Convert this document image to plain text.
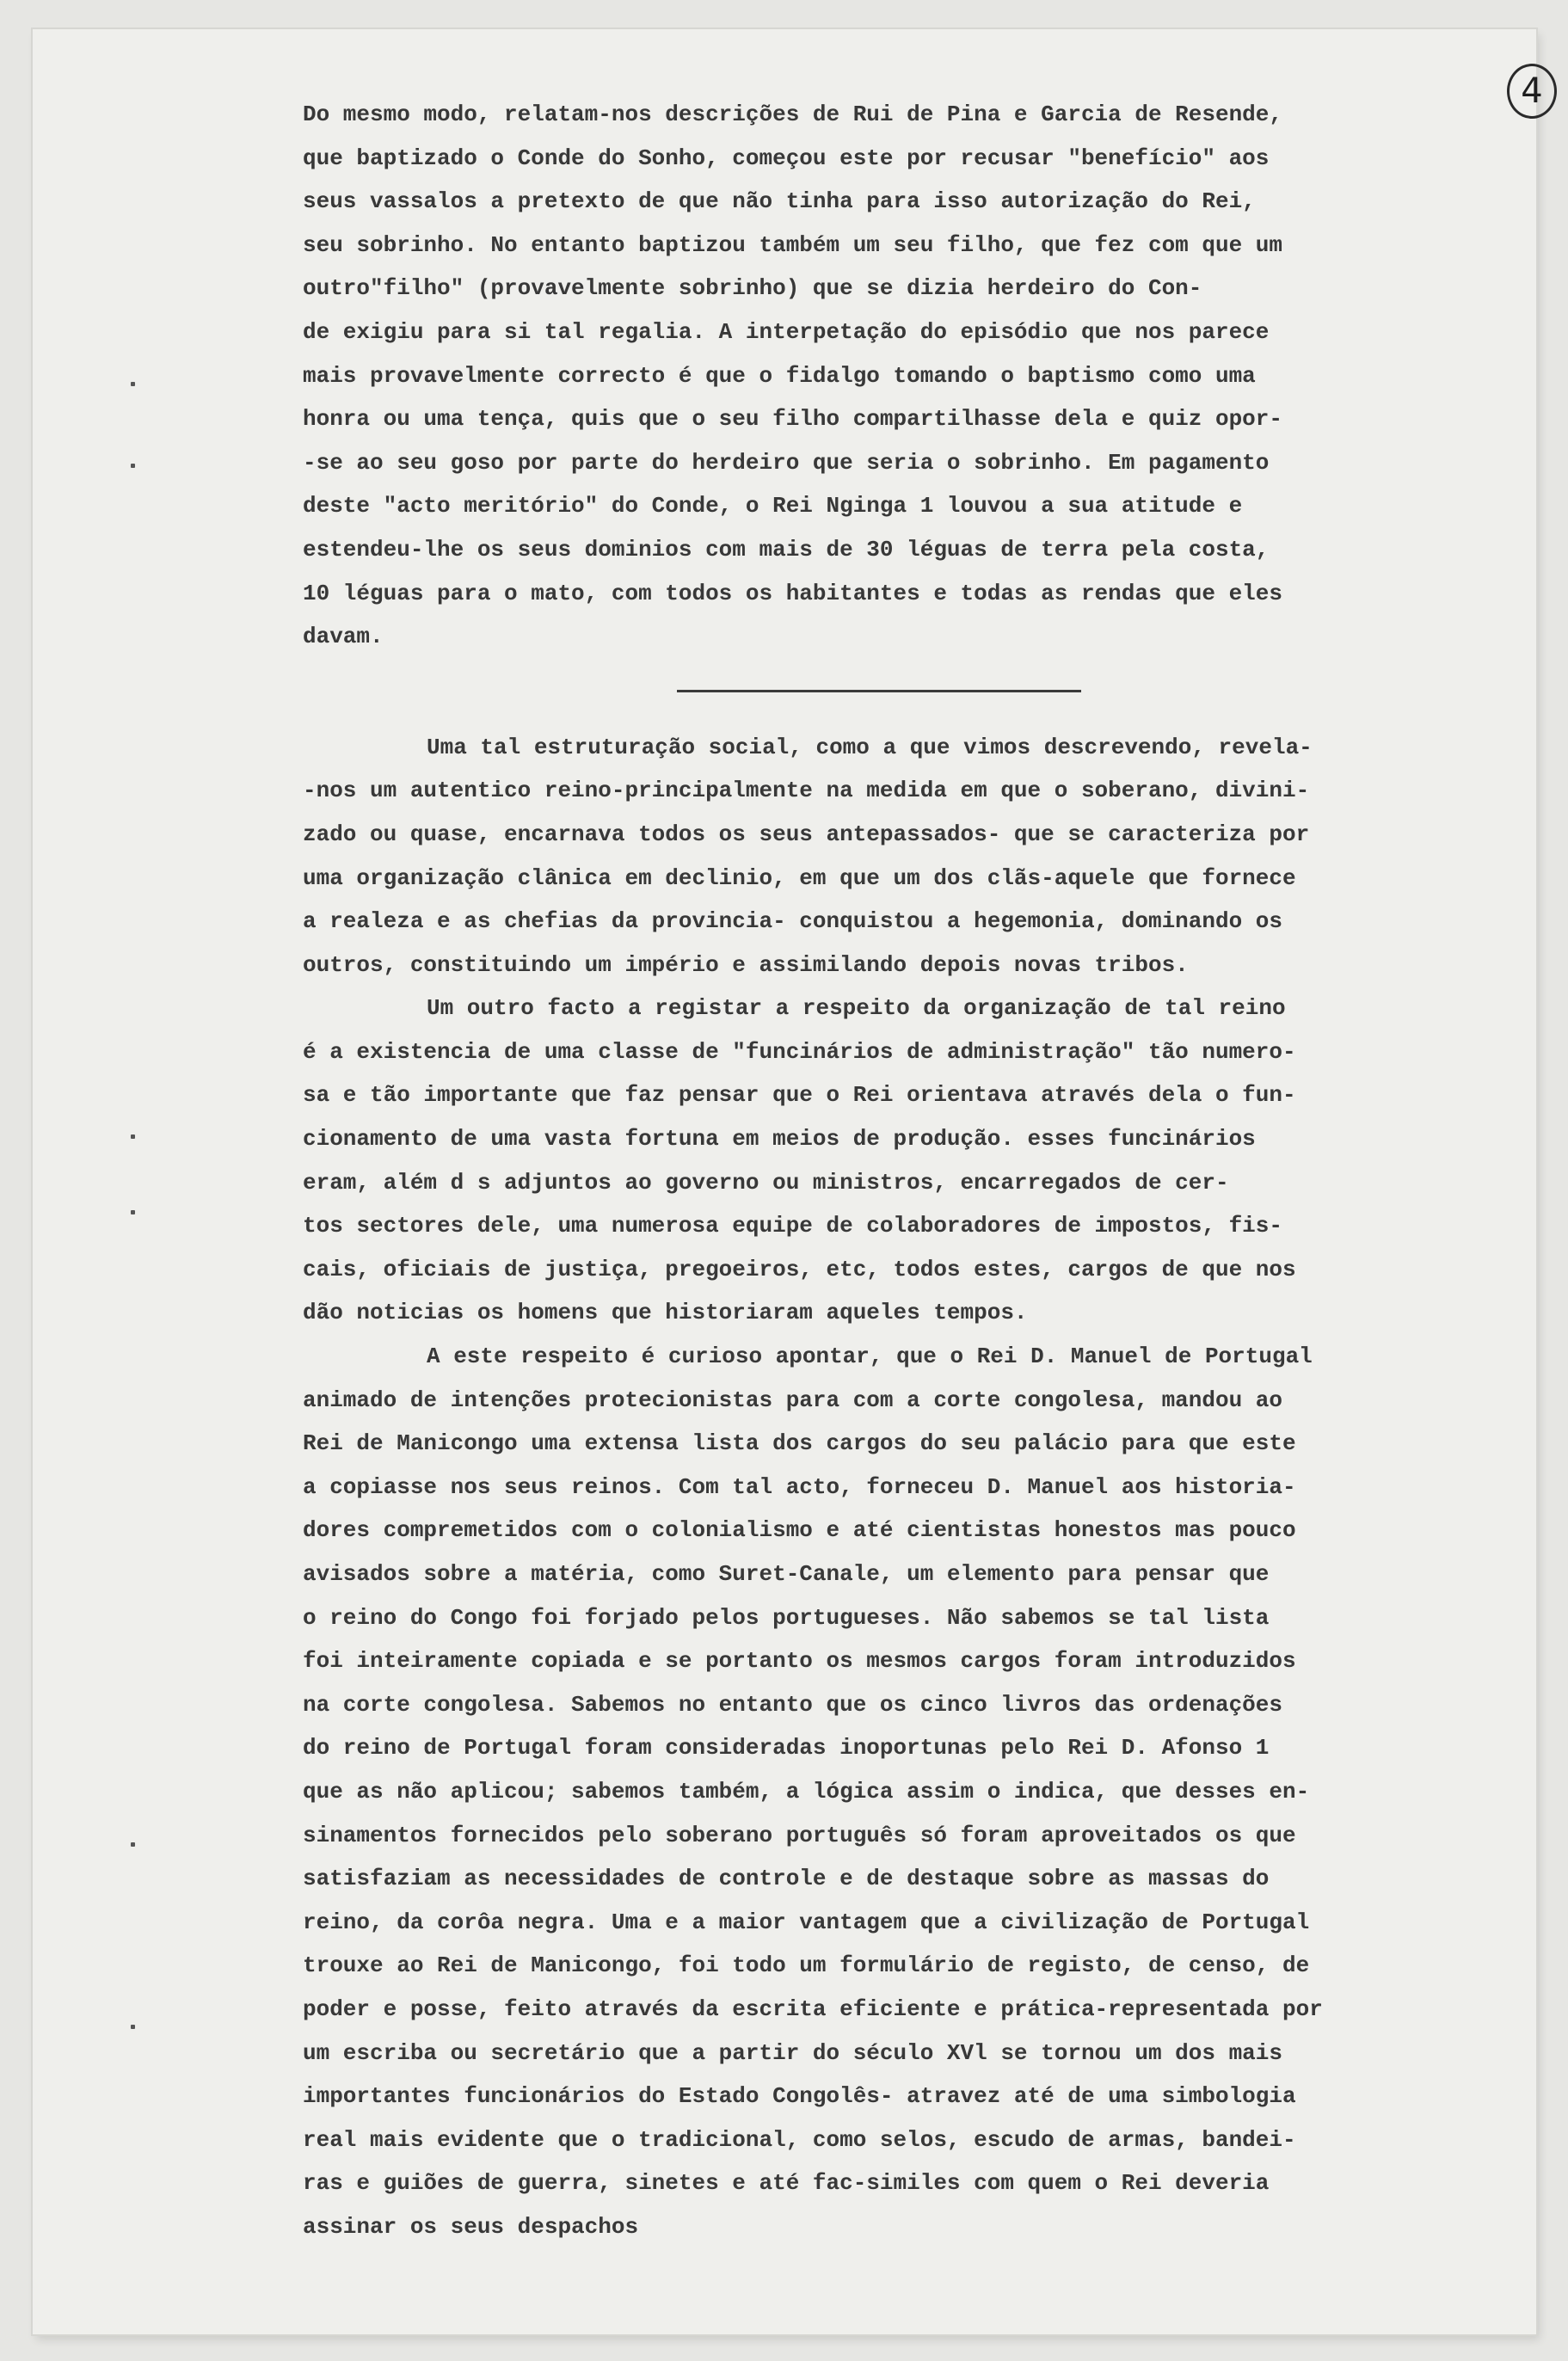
4
Do mesmo modo, relatam-nos descrições de Rui de Pina e Garcia de Resende,
que baptizado o Conde do Sonho, começou este por recusar "benefício" aos
seus vassalos a pretexto de que não tinha para isso autorização do Rei,
seu sobrinho. No entanto baptizou também um seu filho, que fez com que um
outro"filho" (provavelmente sobrinho) que se dizia herdeiro do Con-
de exigiu para si tal regalia. A interpetação do episódio que nos parece
mais provavelmente correcto é que o fidalgo tomando o baptismo como uma
honra ou uma tença, quis que o seu filho compartilhasse dela e quiz opor-
-se ao seu goso por parte do herdeiro que seria o sobrinho. Em pagamento
deste "acto meritório" do Conde, o Rei Nginga 1 louvou a sua atitude e
estendeu-lhe os seus dominios com mais de 30 léguas de terra pela costa,
10 léguas para o mato, com todos os habitantes e todas as rendas que eles
davam.
Uma tal estruturação social, como a que vimos descrevendo, revela-
-nos um autentico reino-principalmente na medida em que o soberano, divini-
zado ou quase, encarnava todos os seus antepassados- que se caracteriza por
uma organização clânica em declinio, em que um dos clãs-aquele que fornece
a realeza e as chefias da provincia- conquistou a hegemonia, dominando os
outros, constituindo um império e assimilando depois novas tribos.
Um outro facto a registar a respeito da organização de tal reino
é a existencia de uma classe de "funcinários de administração" tão numero-
sa e tão importante que faz pensar que o Rei orientava através dela o fun-
cionamento de uma vasta fortuna em meios de produção. esses funcinários
eram, além d s adjuntos ao governo ou ministros, encarregados de cer-
tos sectores dele, uma numerosa equipe de colaboradores de impostos, fis-
cais, oficiais de justiça, pregoeiros, etc, todos estes, cargos de que nos
dão noticias os homens que historiaram aqueles tempos.
A este respeito é curioso apontar, que o Rei D. Manuel de Portugal
animado de intenções protecionistas para com a corte congolesa, mandou ao
Rei de Manicongo uma extensa lista dos cargos do seu palácio para que este
a copiasse nos seus reinos. Com tal acto, forneceu D. Manuel aos historia-
dores compremetidos com o colonialismo e até cientistas honestos mas pouco
avisados sobre a matéria, como Suret-Canale, um elemento para pensar que
o reino do Congo foi forjado pelos portugueses. Não sabemos se tal lista
foi inteiramente copiada e se portanto os mesmos cargos foram introduzidos
na corte congolesa. Sabemos no entanto que os cinco livros das ordenações
do reino de Portugal foram consideradas inoportunas pelo Rei D. Afonso 1
que as não aplicou; sabemos também, a lógica assim o indica, que desses en-
sinamentos fornecidos pelo soberano português só foram aproveitados os que
satisfaziam as necessidades de controle e de destaque sobre as massas do
reino, da corôa negra. Uma e a maior vantagem que a civilização de Portugal
trouxe ao Rei de Manicongo, foi todo um formulário de registo, de censo, de
poder e posse, feito através da escrita eficiente e prática-representada por
um escriba ou secretário que a partir do século XVl se tornou um dos mais
importantes funcionários do Estado Congolês- atravez até de uma simbologia
real mais evidente que o tradicional, como selos, escudo de armas, bandei-
ras e guiões de guerra, sinetes e até fac-similes com quem o Rei deveria
assinar os seus despachos
